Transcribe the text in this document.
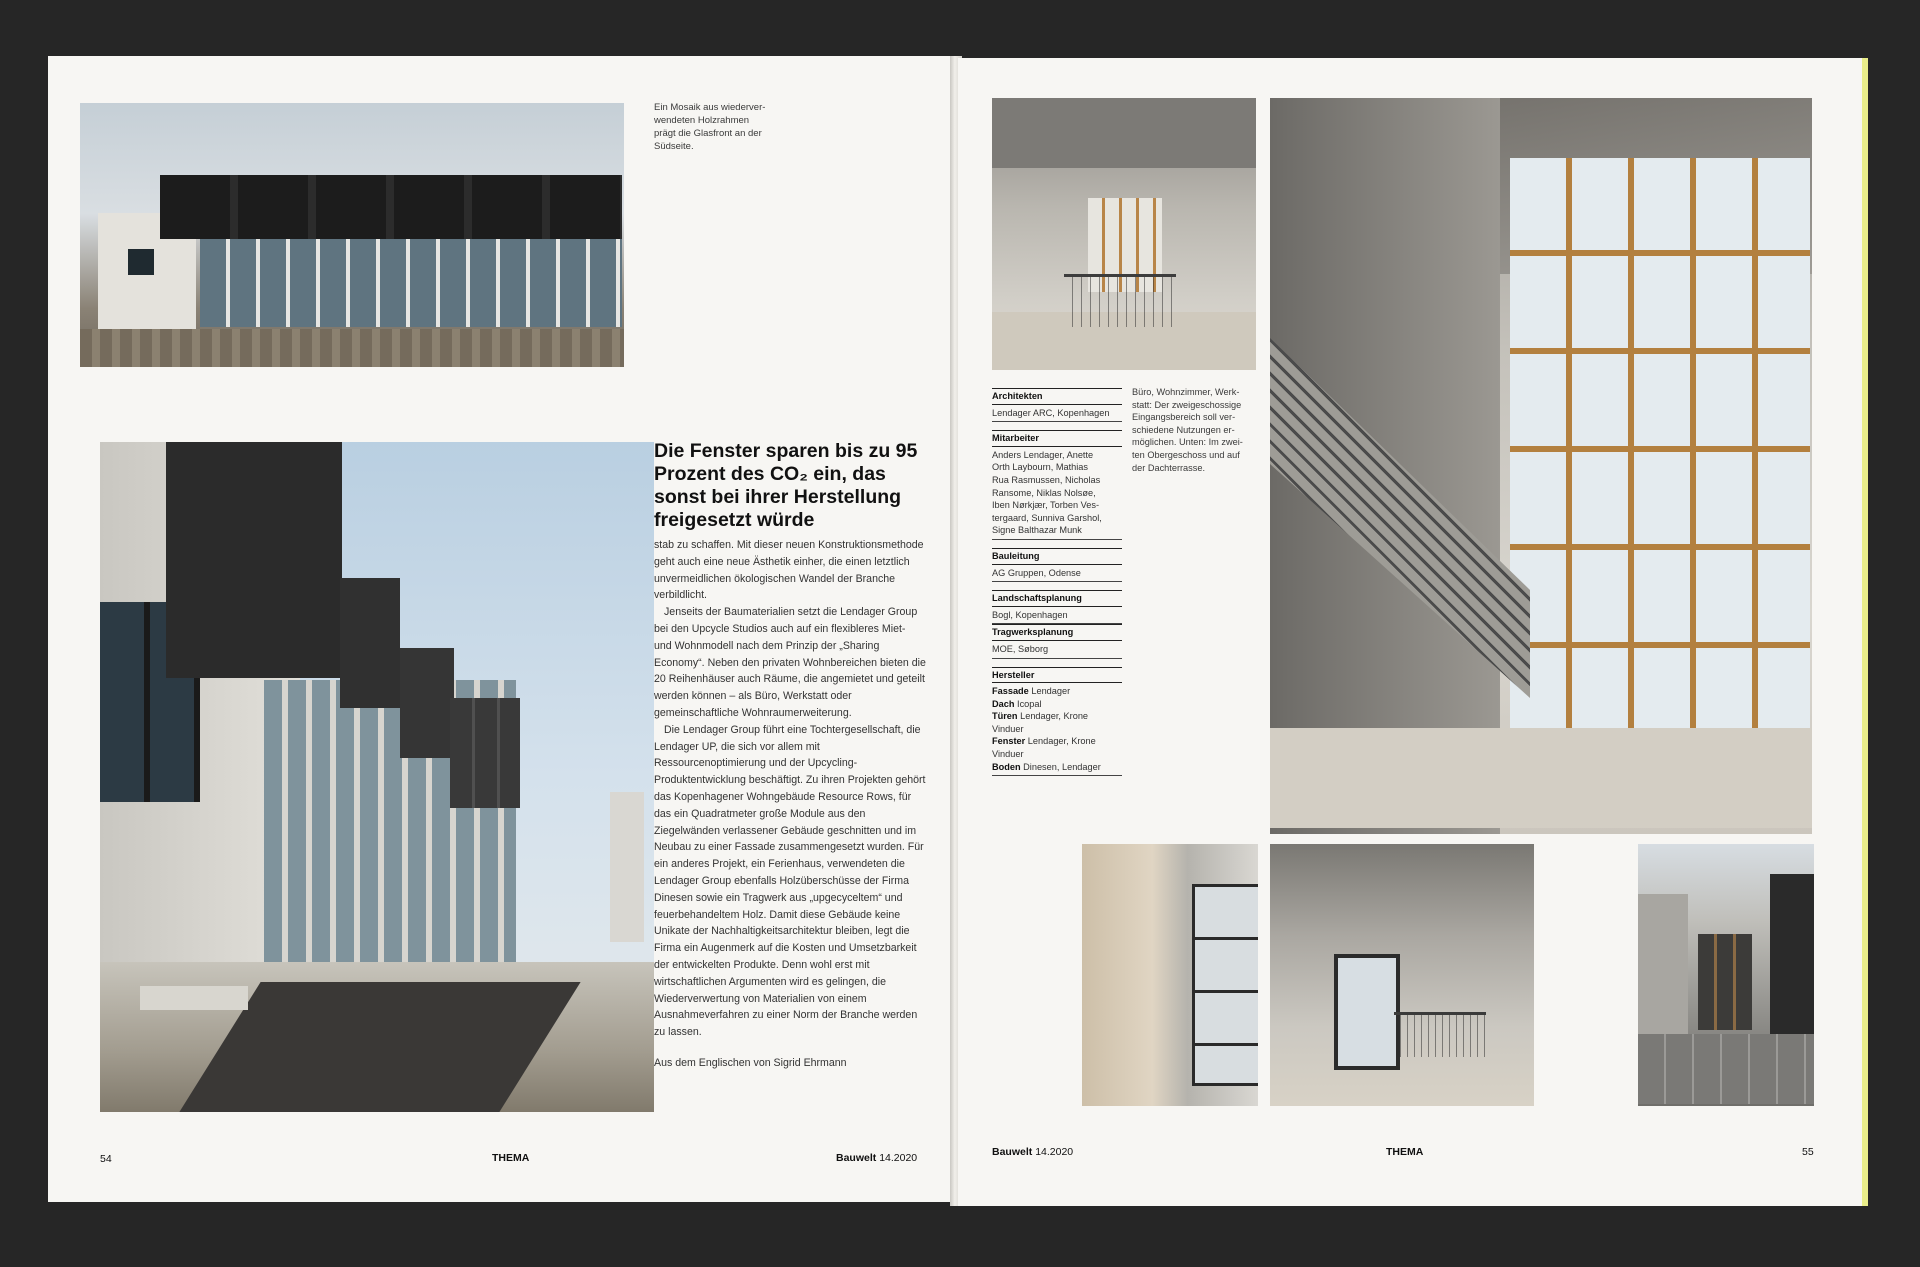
Ein Mosaik aus wiederver-

wendeten Holzrahmen

prägt die Glasfront an der

Südseite.

Die Fenster sparen bis zu 95 Prozent des CO₂ ein, das sonst bei ihrer Herstellung freigesetzt würde

stab zu schaffen. Mit dieser neuen Konstruktionsmethode geht auch eine neue Ästhetik einher, die einen letztlich unvermeidlichen ökologischen Wandel der Branche verbildlicht.

Jenseits der Baumaterialien setzt die Lendager Group bei den Upcycle Studios auch auf ein flexibleres Miet- und Wohnmodell nach dem Prinzip der „Sharing Economy“. Neben den privaten Wohnbereichen bieten die 20 Reihenhäuser auch Räume, die angemietet und geteilt werden können – als Büro, Werkstatt oder gemeinschaftliche Wohnraumerweiterung.

Die Lendager Group führt eine Tochtergesellschaft, die Lendager UP, die sich vor allem mit Ressourcenoptimierung und der Upcycling-Produktentwicklung beschäftigt. Zu ihren Projekten gehört das Kopenhagener Wohngebäude Resource Rows, für das ein Quadratmeter große Module aus den Ziegelwänden verlassener Gebäude geschnitten und im Neubau zu einer Fassade zusammengesetzt wurden. Für ein anderes Projekt, ein Ferienhaus, verwendeten die Lendager Group ebenfalls Holzüberschüsse der Firma Dinesen sowie ein Tragwerk aus „upgecyceltem“ und feuerbehandeltem Holz. Damit diese Gebäude keine Unikate der Nachhaltigkeitsarchitektur bleiben, legt die Firma ein Augenmerk auf die Kosten und Umsetzbarkeit der entwickelten Produkte. Denn wohl erst mit wirtschaftlichen Argumenten wird es gelingen, die Wiederverwertung von Materialien von einem Ausnahmeverfahren zu einer Norm der Branche werden zu lassen.

Aus dem Englischen von Sigrid Ehrmann

54	THEMA	Bauwelt 14.2020
Architekten
Lendager ARC, Kopenhagen
Mitarbeiter
Anders Lendager, Anette
Orth Laybourn, Mathias
Rua Rasmussen, Nicholas
Ransome, Niklas Nolsøe,
Iben Nørkjær, Torben Ves-
tergaard, Sunniva Garshol,
Signe Balthazar Munk
Bauleitung
AG Gruppen, Odense
Landschaftsplanung
Bogl, Kopenhagen
Tragwerksplanung
MOE, Søborg
Hersteller
Fassade Lendager
Dach Icopal
Türen Lendager, Krone Vinduer
Fenster Lendager, Krone Vinduer
Boden Dinesen, Lendager

Büro, Wohnzimmer, Werk-

statt: Der zweigeschossige

Eingangsbereich soll ver-

schiedene Nutzungen er-

möglichen. Unten: Im zwei-

ten Obergeschoss und auf

der Dachterrasse.

Bauwelt 14.2020	THEMA	55
